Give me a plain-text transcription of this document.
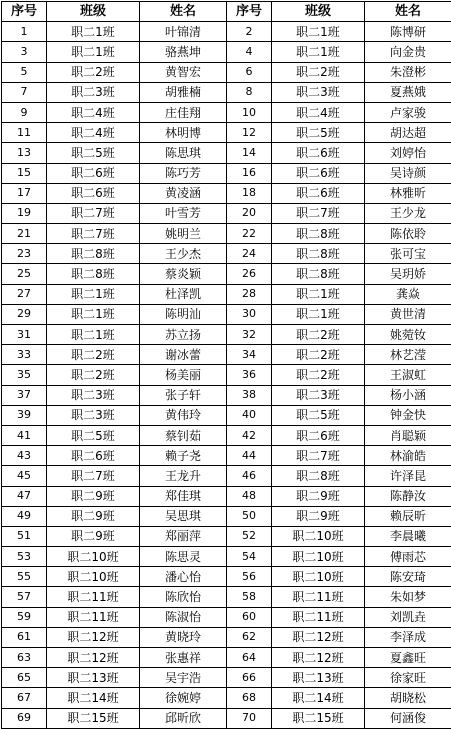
序号	班级	姓名	序号	班级	姓名
1	职二1班	叶锦清	2	职二1班	陈博研
3	职二1班	骆燕坤	4	职二1班	向金贵
5	职二2班	黄智宏	6	职二2班	朱澄彬
7	职二3班	胡雅楠	8	职二3班	夏燕娥
9	职二4班	庄佳翔	10	职二4班	卢家骏
11	职二4班	林明博	12	职二5班	胡达超
13	职二5班	陈思琪	14	职二6班	刘婷怡
15	职二6班	陈巧芳	16	职二6班	吴诗颜
17	职二6班	黄凌涵	18	职二6班	林雅昕
19	职二7班	叶雪芳	20	职二7班	王少龙
21	职二7班	姚明兰	22	职二8班	陈依聆
23	职二8班	王少杰	24	职二8班	张可宝
25	职二8班	蔡炎颖	26	职二8班	吴玥娇
27	职二1班	杜泽凯	28	职二1班	龚焱
29	职二1班	陈明汕	30	职二1班	黄世清
31	职二1班	苏立扬	32	职二2班	姚菀钕
33	职二2班	谢冰蕾	34	职二2班	林艺滢
35	职二2班	杨美丽	36	职二2班	王淑虹
37	职二3班	张子轩	38	职二3班	杨小涵
39	职二3班	黄伟玲	40	职二5班	钟金快
41	职二5班	蔡钊茹	42	职二6班	肖聪颖
43	职二6班	赖子尧	44	职二7班	林渝皓
45	职二7班	王龙升	46	职二8班	许泽昆
47	职二9班	郑佳琪	48	职二9班	陈静汝
49	职二9班	吴思琪	50	职二9班	赖辰昕
51	职二9班	郑丽萍	52	职二10班	李晨曦
53	职二10班	陈思灵	54	职二10班	傅雨芯
55	职二10班	潘心怡	56	职二10班	陈安琦
57	职二11班	陈欣怡	58	职二11班	朱如梦
59	职二11班	陈淑怡	60	职二11班	刘凯垚
61	职二12班	黄晓玲	62	职二12班	李泽成
63	职二12班	张惠祥	64	职二12班	夏鑫旺
65	职二13班	吴宇浩	66	职二13班	徐家旺
67	职二14班	徐婉婷	68	职二14班	胡晓松
69	职二15班	邱昕欣	70	职二15班	何涵俊
